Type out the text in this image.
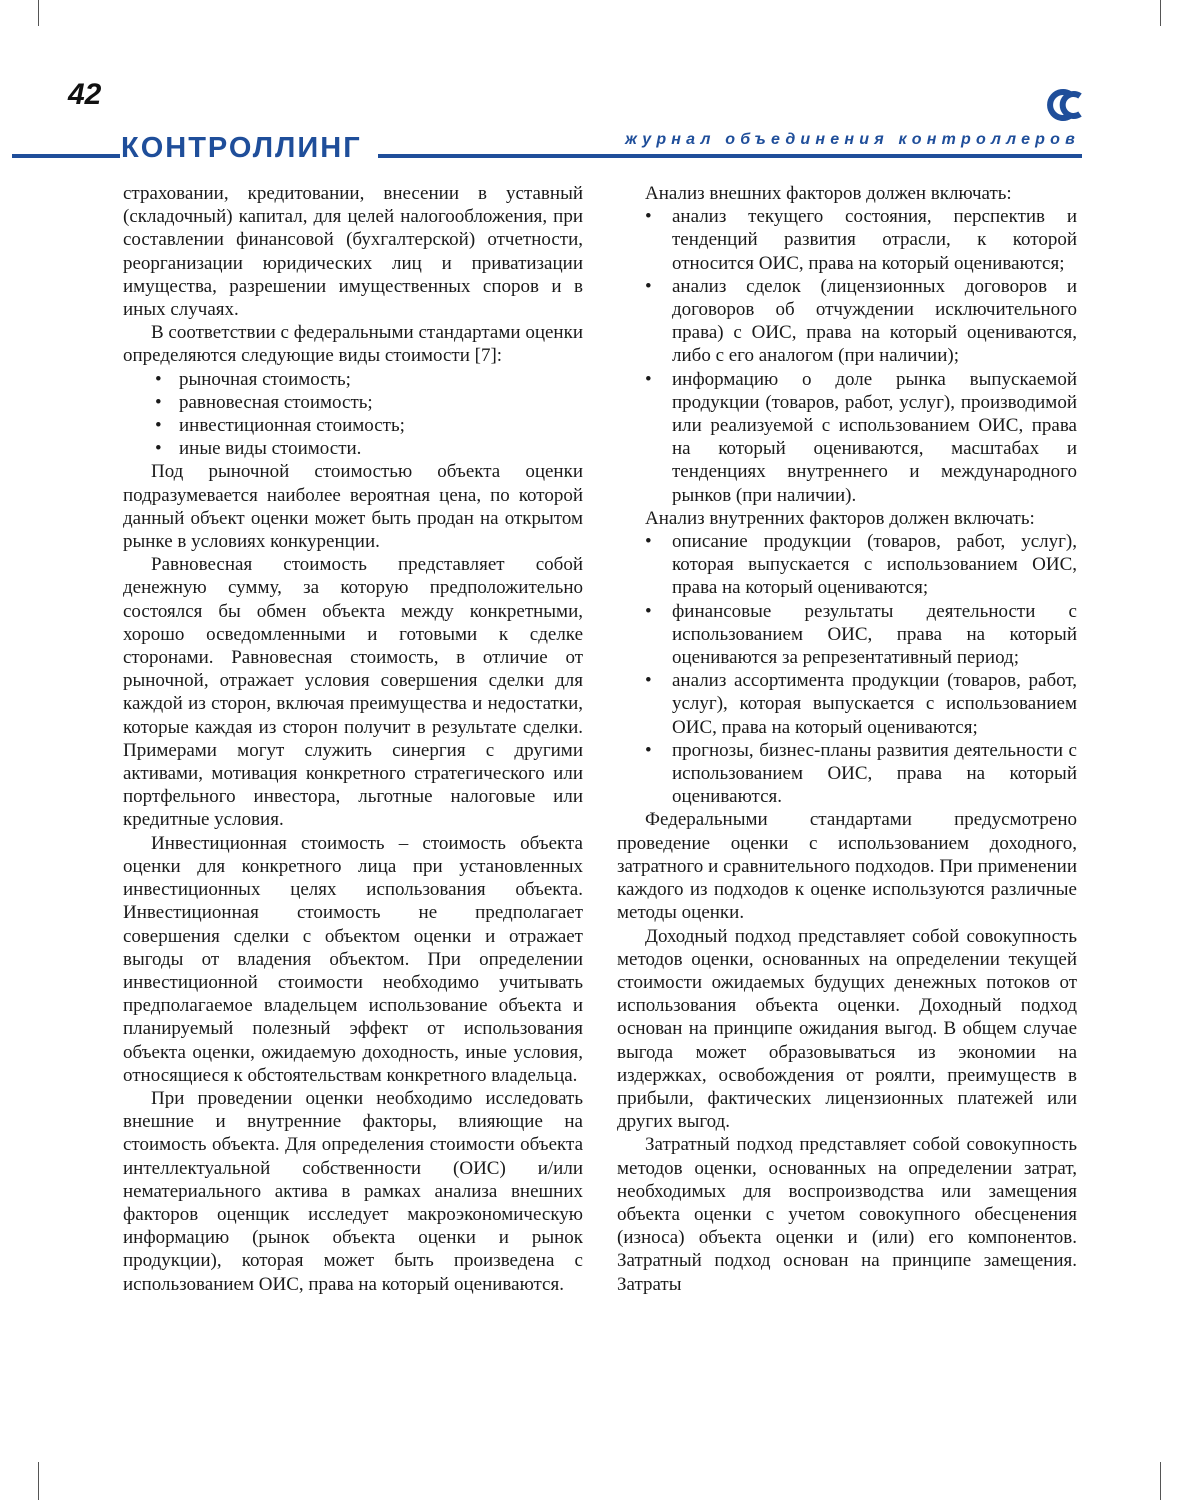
42
КОНТРОЛЛИНГ	журнал объединения контроллеров

страховании, кредитовании, внесении в уставный (складочный) капитал, для целей налогообложения, при составлении финансовой (бухгалтерской) отчетности, реорганизации юридических лиц и приватизации имущества, разрешении имущественных споров и в иных случаях.

В соответствии с федеральными стандартами оценки определяются следующие виды стоимости [7]:

• рыночная стоимость;
• равновесная стоимость;
• инвестиционная стоимость;
• иные виды стоимости.

Под рыночной стоимостью объекта оценки подразумевается наиболее вероятная цена, по которой данный объект оценки может быть продан на открытом рынке в условиях конкуренции.

Равновесная стоимость представляет собой денежную сумму, за которую предположительно состоялся бы обмен объекта между конкретными, хорошо осведомленными и готовыми к сделке сторонами. Равновесная стоимость, в отличие от рыночной, отражает условия совершения сделки для каждой из сторон, включая преимущества и недостатки, которые каждая из сторон получит в результате сделки. Примерами могут служить синергия с другими активами, мотивация конкретного стратегического или портфельного инвестора, льготные налоговые или кредитные условия.

Инвестиционная стоимость – стоимость объекта оценки для конкретного лица при установленных инвестиционных целях использования объекта. Инвестиционная стоимость не предполагает совершения сделки с объектом оценки и отражает выгоды от владения объектом. При определении инвестиционной стоимости необходимо учитывать предполагаемое владельцем использование объекта и планируемый полезный эффект от использования объекта оценки, ожидаемую доходность, иные условия, относящиеся к обстоятельствам конкретного владельца.

При проведении оценки необходимо исследовать внешние и внутренние факторы, влияющие на стоимость объекта. Для определения стоимости объекта интеллектуальной собственности (ОИС) и/или нематериального актива в рамках анализа внешних факторов оценщик исследует макроэкономическую информацию (рынок объекта оценки и рынок продукции), которая может быть произведена с использованием ОИС, права на который оцениваются.

Анализ внешних факторов должен включать:

• анализ текущего состояния, перспектив и тенденций развития отрасли, к которой относится ОИС, права на который оцениваются;
• анализ сделок (лицензионных договоров и договоров об отчуждении исключительного права) с ОИС, права на который оцениваются, либо с его аналогом (при наличии);
• информацию о доле рынка выпускаемой продукции (товаров, работ, услуг), производимой или реализуемой с использованием ОИС, права на который оцениваются, масштабах и тенденциях внутреннего и международного рынков (при наличии).

Анализ внутренних факторов должен включать:

• описание продукции (товаров, работ, услуг), которая выпускается с использованием ОИС, права на который оцениваются;
• финансовые результаты деятельности с использованием ОИС, права на который оцениваются за репрезентативный период;
• анализ ассортимента продукции (товаров, работ, услуг), которая выпускается с использованием ОИС, права на который оцениваются;
• прогнозы, бизнес-планы развития деятельности с использованием ОИС, права на который оцениваются.

Федеральными стандартами предусмотрено проведение оценки с использованием доходного, затратного и сравнительного подходов. При применении каждого из подходов к оценке используются различные методы оценки.

Доходный подход представляет собой совокупность методов оценки, основанных на определении текущей стоимости ожидаемых будущих денежных потоков от использования объекта оценки. Доходный подход основан на принципе ожидания выгод. В общем случае выгода может образовываться из экономии на издержках, освобождения от роялти, преимуществ в прибыли, фактических лицензионных платежей или других выгод.

Затратный подход представляет собой совокупность методов оценки, основанных на определении затрат, необходимых для воспроизводства или замещения объекта оценки с учетом совокупного обесценения (износа) объекта оценки и (или) его компонентов. Затратный подход основан на принципе замещения. Затраты
